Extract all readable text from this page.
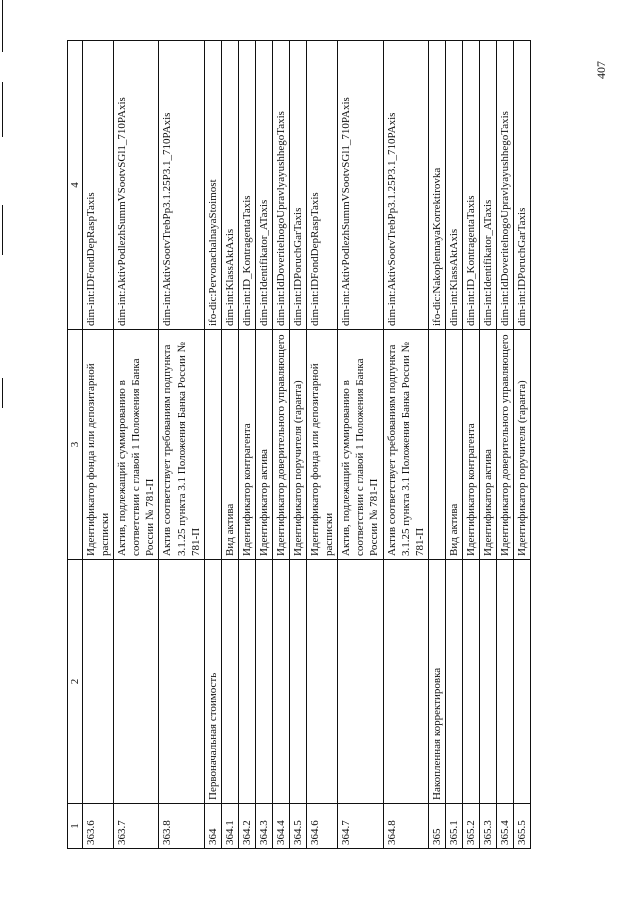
1	2	3	4
363.6		Идентификатор фонда или депозитарной расписки	dim-int:IDFondDepRaspTaxis
363.7		Актив, подлежащий суммированию в соответствии с главой 1 Положения Банка России № 781-П	dim-int:AktivPodlezhSummVSootvSGl1_710PAxis
363.8		Актив соответствует требованиям подпункта 3.1.25 пункта 3.1 Положения Банка России № 781-П	dim-int:AktivSootvTrebPp3.1.25P3.1_710PAxis
364	Первоначальная стоимость		ifo-dic:PervonachalnayaStoimost
364.1		Вид актива	dim-int:KlassAktAxis
364.2		Идентификатор контрагента	dim-int:ID_KontragentaTaxis
364.3		Идентификатор актива	dim-int:Identifikator_ATaxis
364.4		Идентификатор доверительного управляющего	dim-int:IdDoveritelnogoUpravlyayushhegoTaxis
364.5		Идентификатор поручителя (гаранта)	dim-int:IDPoruchGarTaxis
364.6		Идентификатор фонда или депозитарной расписки	dim-int:IDFondDepRaspTaxis
364.7		Актив, подлежащий суммированию в соответствии с главой 1 Положения Банка России № 781-П	dim-int:AktivPodlezhSummVSootvSGl1_710PAxis
364.8		Актив соответствует требованиям подпункта 3.1.25 пункта 3.1 Положения Банка России № 781-П	dim-int:AktivSootvTrebPp3.1.25P3.1_710PAxis
365	Накопленная корректировка		ifo-dic:NakoplennayaKorrektirovka
365.1		Вид актива	dim-int:KlassAktAxis
365.2		Идентификатор контрагента	dim-int:ID_KontragentaTaxis
365.3		Идентификатор актива	dim-int:Identifikator_ATaxis
365.4		Идентификатор доверительного управляющего	dim-int:IdDoveritelnogoUpravlyayushhegoTaxis
365.5		Идентификатор поручителя (гаранта)	dim-int:IDPoruchGarTaxis
407
